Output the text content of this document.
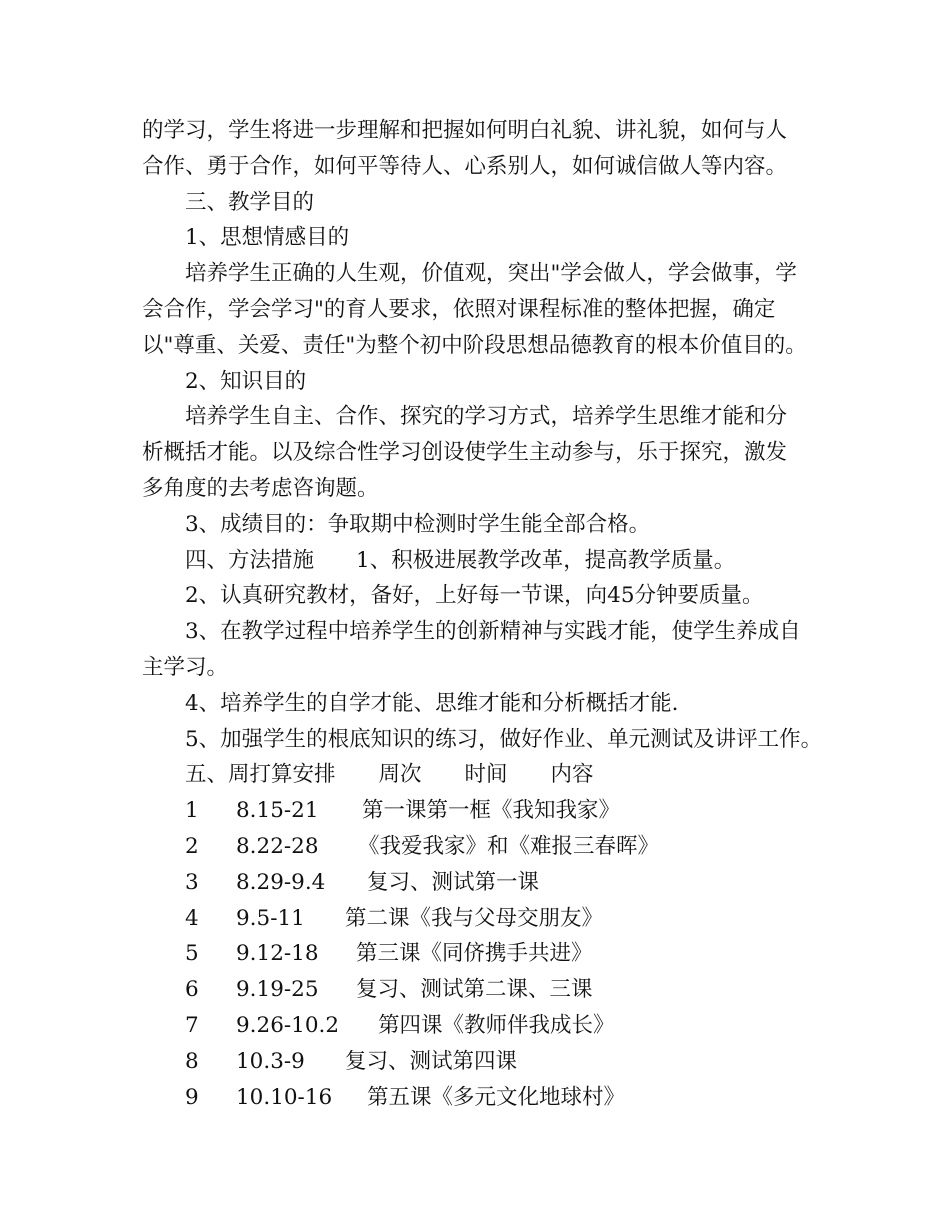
的学习，学生将进一步理解和把握如何明白礼貌、讲礼貌，如何与人
合作、勇于合作，如何平等待人、心系别人，如何诚信做人等内容。
三、教学目的
1、思想情感目的
培养学生正确的人生观，价值观，突出"学会做人，学会做事，学
会合作，学会学习"的育人要求，依照对课程标准的整体把握，确定
以"尊重、关爱、责任"为整个初中阶段思想品德教育的根本价值目的。
2、知识目的
培养学生自主、合作、探究的学习方式，培养学生思维才能和分
析概括才能。以及综合性学习创设使学生主动参与，乐于探究，激发
多角度的去考虑咨询题。
3、成绩目的：争取期中检测时学生能全部合格。
四、方法措施 1、积极进展教学改革，提高教学质量。
2、认真研究教材，备好，上好每一节课，向45分钟要质量。
3、在教学过程中培养学生的创新精神与实践才能，使学生养成自
主学习。
4、培养学生的自学才能、思维才能和分析概括才能.
5、加强学生的根底知识的练习，做好作业、单元测试及讲评工作。
五、周打算安排 周次 时间 内容
1	8.15-21	第一课第一框《我知我家》
2	8.22-28	《我爱我家》和《难报三春晖》
3	8.29-9.4	复习、测试第一课
4	9.5-11	第二课《我与父母交朋友》
5	9.12-18	第三课《同侪携手共进》
6	9.19-25	复习、测试第二课、三课
7	9.26-10.2	第四课《教师伴我成长》
8	10.3-9	复习、测试第四课
9	10.10-16	第五课《多元文化地球村》
